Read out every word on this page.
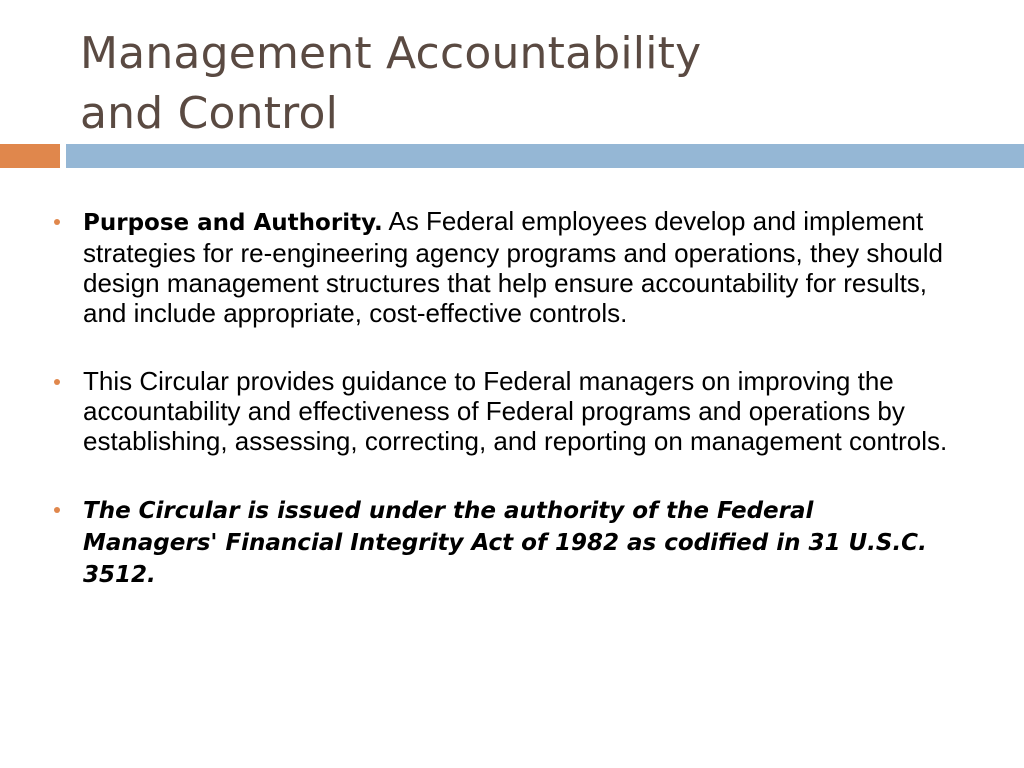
Management Accountability
and Control
Purpose and Authority. As Federal employees develop and implement strategies for re-engineering agency programs and operations, they should design management structures that help ensure accountability for results, and include appropriate, cost-effective controls.
This Circular provides guidance to Federal managers on improving the accountability and effectiveness of Federal programs and operations by establishing, assessing, correcting, and reporting on management controls.
The Circular is issued under the authority of the Federal Managers' Financial Integrity Act of 1982 as codified in 31 U.S.C. 3512.
